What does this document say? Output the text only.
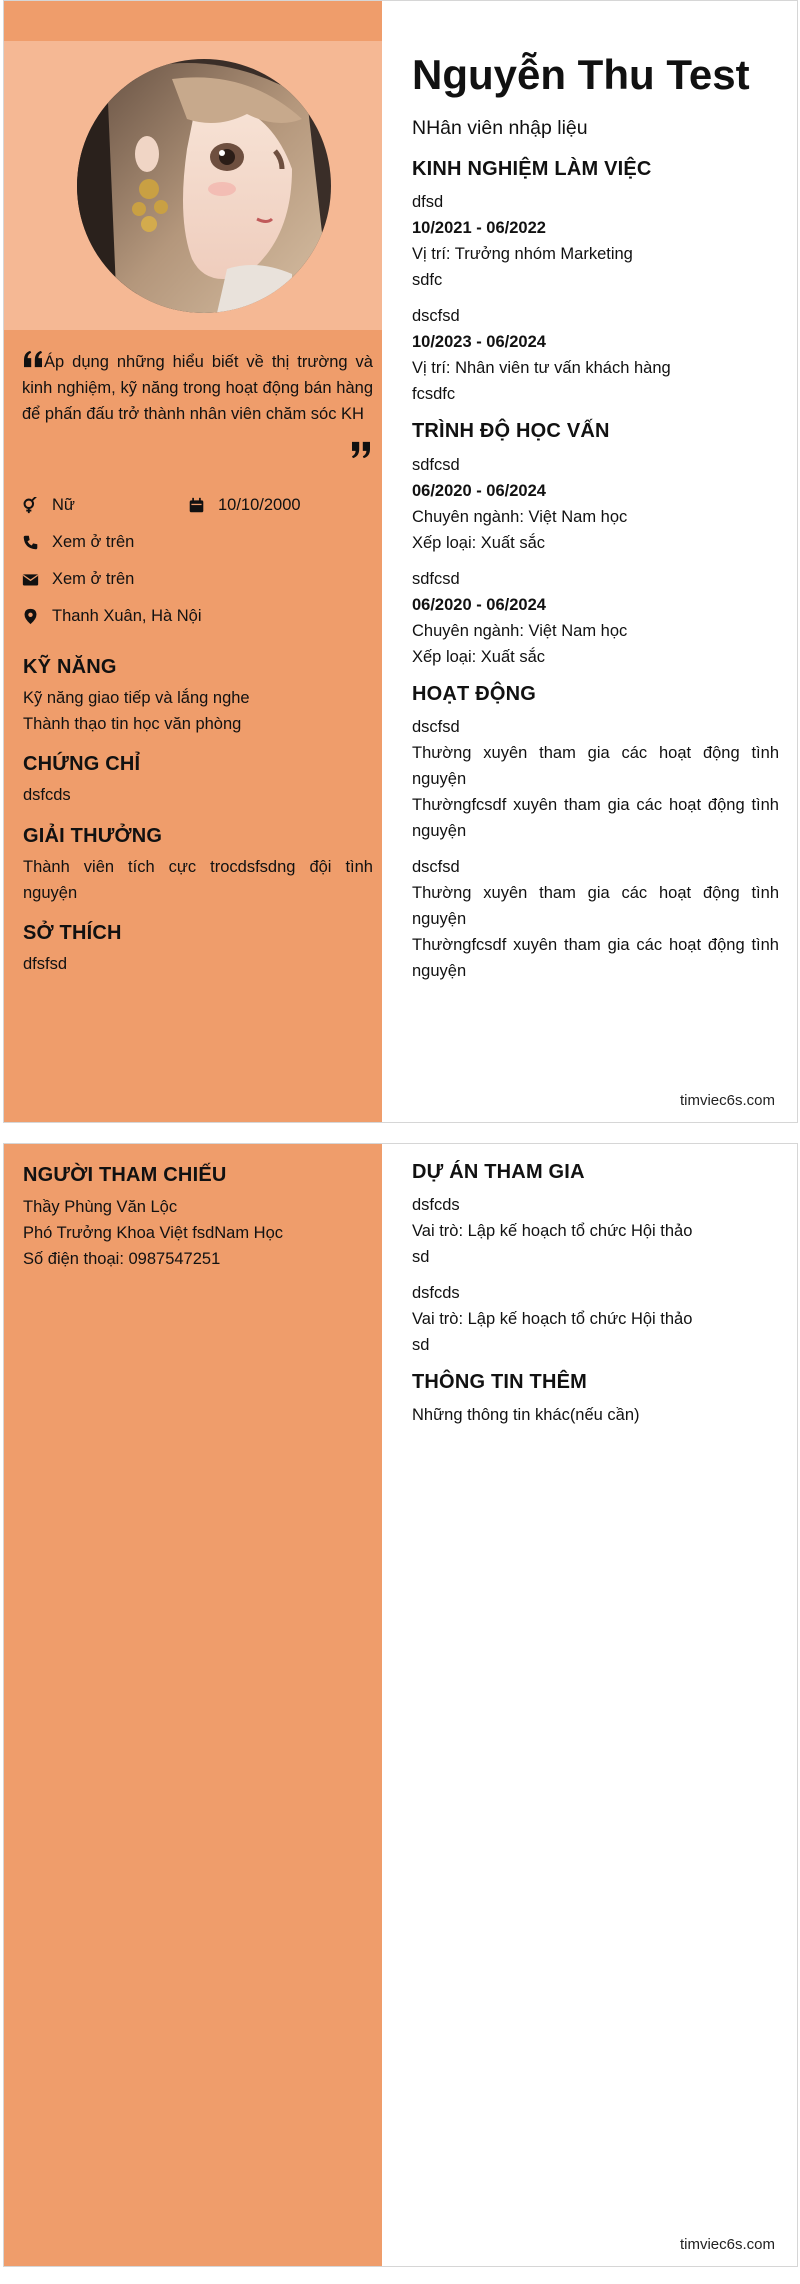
Áp dụng những hiểu biết về thị trường và kinh nghiệm, kỹ năng trong hoạt động bán hàng để phấn đấu trở thành nhân viên chăm sóc KH
Nữ	10/10/2000
Xem ở trên
Xem ở trên
Thanh Xuân, Hà Nội
KỸ NĂNG
Kỹ năng giao tiếp và lắng nghe
Thành thạo tin học văn phòng
CHỨNG CHỈ
dsfcds
GIẢI THƯỞNG
Thành viên tích cực trocdsfsdng đội tình nguyện
SỞ THÍCH
dfsfsd
Nguyễn Thu Test
NHân viên nhập liệu
KINH NGHIỆM LÀM VIỆC
dfsd
10/2021 - 06/2022
Vị trí: Trưởng nhóm Marketing
sdfc
dscfsd
10/2023 - 06/2024
Vị trí: Nhân viên tư vấn khách hàng
fcsdfc
TRÌNH ĐỘ HỌC VẤN
sdfcsd
06/2020 - 06/2024
Chuyên ngành: Việt Nam học
Xếp loại: Xuất sắc
sdfcsd
06/2020 - 06/2024
Chuyên ngành: Việt Nam học
Xếp loại: Xuất sắc
HOẠT ĐỘNG
dscfsd
Thường xuyên tham gia các hoạt động tình nguyện
Thườngfcsdf xuyên tham gia các hoạt động tình nguyện
dscfsd
Thường xuyên tham gia các hoạt động tình nguyện
Thườngfcsdf xuyên tham gia các hoạt động tình nguyện
timviec6s.com
NGƯỜI THAM CHIẾU
Thầy Phùng Văn Lộc
Phó Trưởng Khoa Việt fsdNam Học
Số điện thoại: 0987547251
DỰ ÁN THAM GIA
dsfcds
Vai trò: Lập kế hoạch tổ chức Hội thảo
sd
dsfcds
Vai trò: Lập kế hoạch tổ chức Hội thảo
sd
THÔNG TIN THÊM
Những thông tin khác(nếu cần)
timviec6s.com
